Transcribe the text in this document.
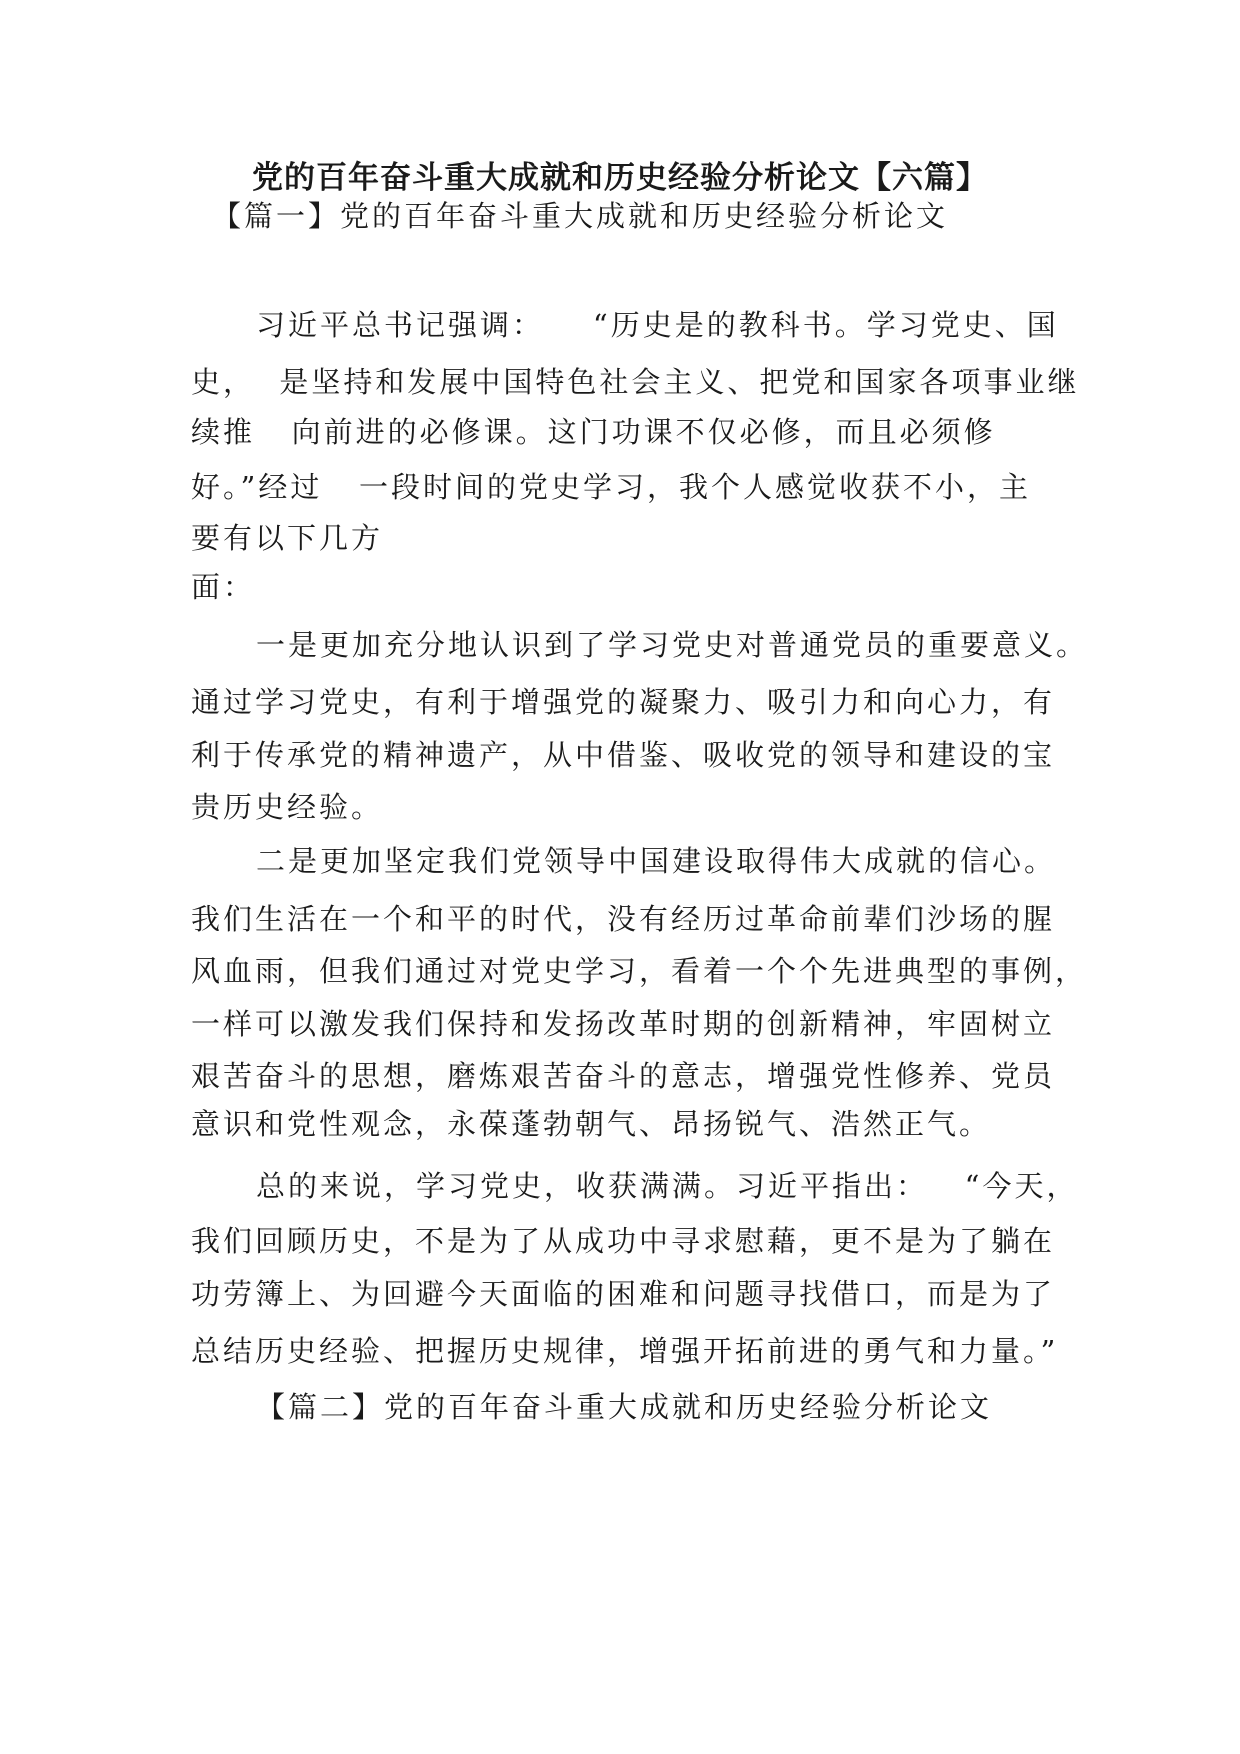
党的百年奋斗重大成就和历史经验分析论文【六篇】
【篇一】党的百年奋斗重大成就和历史经验分析论文
习近平总书记强调：    “历史是的教科书。学习党史、国
史，  是坚持和发展中国特色社会主义、把党和国家各项事业继
续推   向前进的必修课。这门功课不仅必修，而且必须修
好。”经过   一段时间的党史学习，我个人感觉收获不小，主
要有以下几方
面：
一是更加充分地认识到了学习党史对普通党员的重要意义。
通过学习党史，有利于增强党的凝聚力、吸引力和向心力，有
利于传承党的精神遗产，从中借鉴、吸收党的领导和建设的宝
贵历史经验。
二是更加坚定我们党领导中国建设取得伟大成就的信心。
我们生活在一个和平的时代，没有经历过革命前辈们沙场的腥
风血雨，但我们通过对党史学习，看着一个个先进典型的事例，
一样可以激发我们保持和发扬改革时期的创新精神，牢固树立
艰苦奋斗的思想，磨炼艰苦奋斗的意志，增强党性修养、党员
意识和党性观念，永葆蓬勃朝气、昂扬锐气、浩然正气。
总的来说，学习党史，收获满满。习近平指出：   “今天，
我们回顾历史，不是为了从成功中寻求慰藉，更不是为了躺在
功劳簿上、为回避今天面临的困难和问题寻找借口，而是为了
总结历史经验、把握历史规律，增强开拓前进的勇气和力量。”
【篇二】党的百年奋斗重大成就和历史经验分析论文
